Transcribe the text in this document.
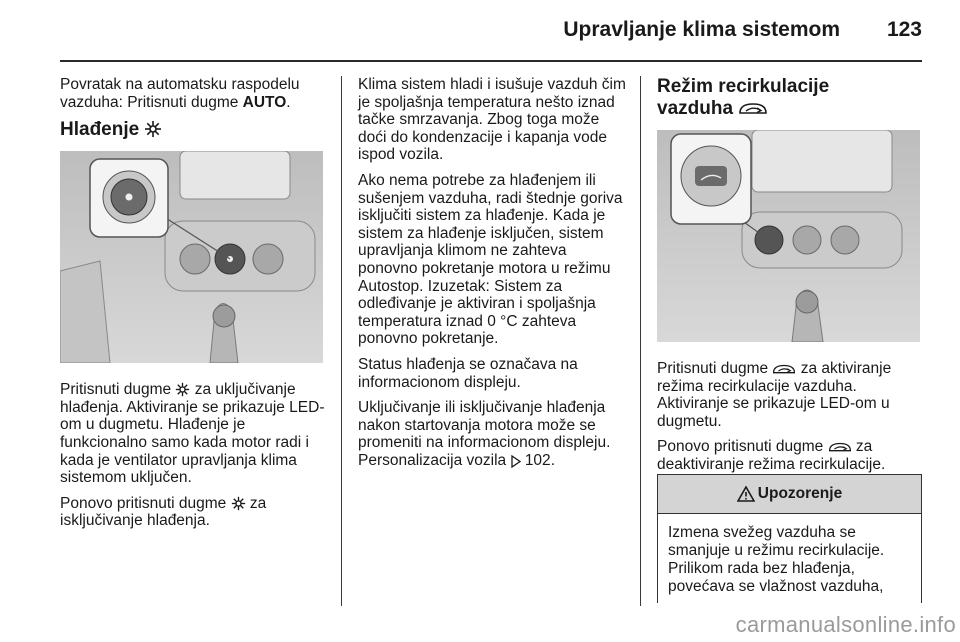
Upravljanje klima sistemom 123

Povratak na automatsku raspodelu vazduha: Pritisnuti dugme AUTO.

Hlađenje

Pritisnuti dugme  za uključivanje hlađenja. Aktiviranje se prikazuje LED-om u dugmetu. Hlađenje je funkcionalno samo kada motor radi i kada je ventilator upravljanja klima sistemom uključen.

Ponovo pritisnuti dugme  za isključivanje hlađenja.

Klima sistem hladi i isušuje vazduh čim je spoljašnja temperatura nešto iznad tačke smrzavanja. Zbog toga može doći do kondenzacije i kapanja vode ispod vozila.

Ako nema potrebe za hlađenjem ili sušenjem vazduha, radi štednje goriva isključiti sistem za hlađenje. Kada je sistem za hlađenje isključen, sistem upravljanja klimom ne zahteva ponovno pokretanje motora u režimu Autostop. Izuzetak: Sistem za odleđivanje je aktiviran i spoljašnja temperatura iznad 0 °C zahteva ponovno pokretanje.

Status hlađenja se označava na informacionom displeju.

Uključivanje ili isključivanje hlađenja nakon startovanja motora može se promeniti na informacionom displeju. Personalizacija vozila  102.

Režim recirkulacije
vazduha

Pritisnuti dugme  za aktiviranje režima recirkulacije vazduha. Aktiviranje se prikazuje LED-om u dugmetu.

Ponovo pritisnuti dugme  za deaktiviranje režima recirkulacije.

Upozorenje
Izmena svežeg vazduha se smanjuje u režimu recirkulacije. Prilikom rada bez hlađenja, povećava se vlažnost vazduha,
carmanualsonline.info
